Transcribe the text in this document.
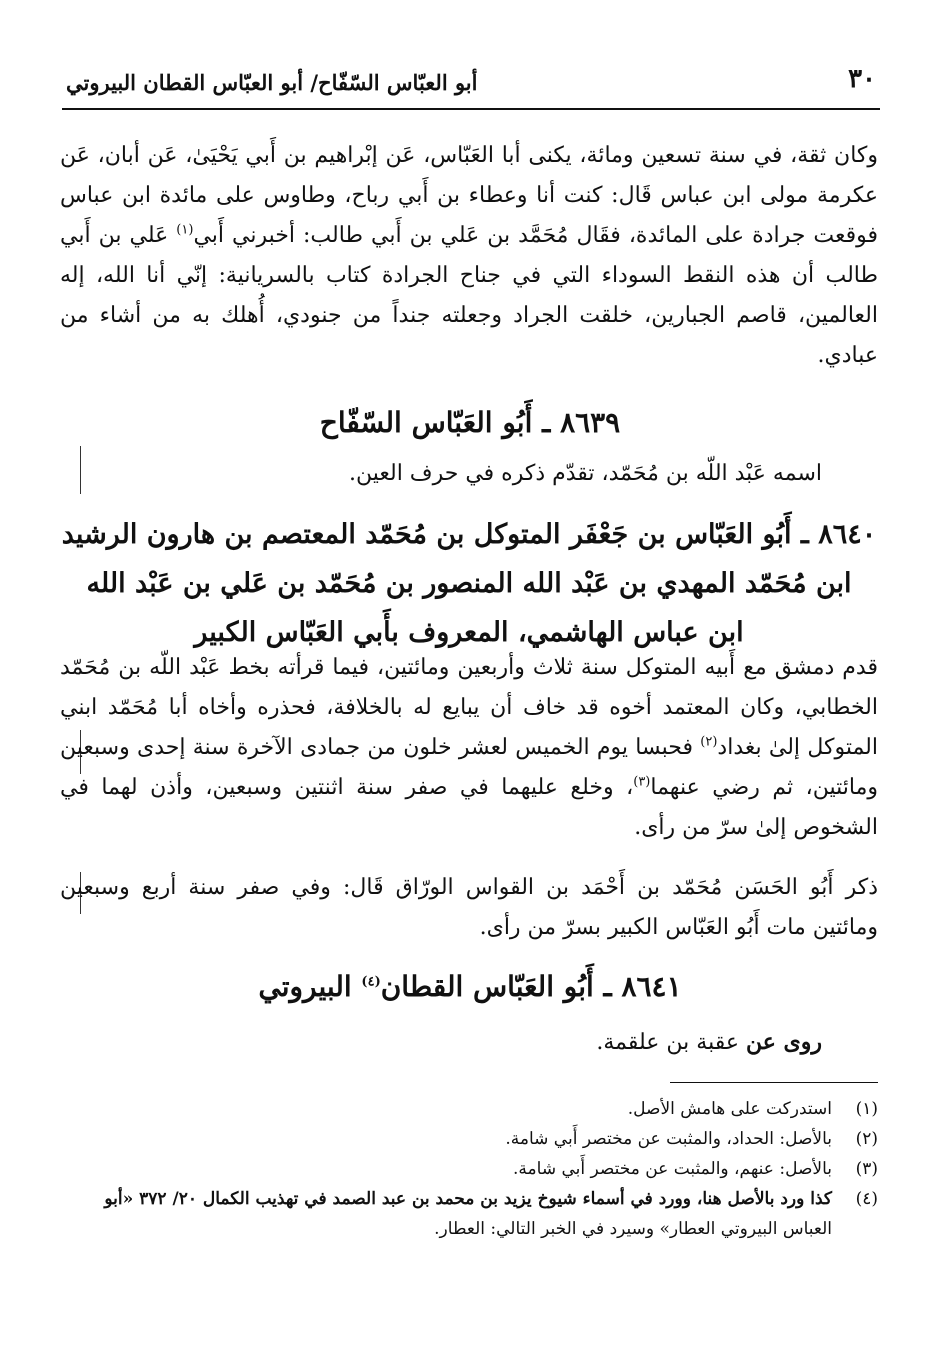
٣٠
أبو العبّاس السّفّاح/ أبو العبّاس القطان البيروتي

وكان ثقة، في سنة تسعين ومائة، يكنى أبا العَبّاس، عَن إبْراهيم بن أَبي يَحْيَىٰ، عَن أبان، عَن عكرمة مولى ابن عباس قَال: كنت أنا وعطاء بن أَبي رباح، وطاوس على مائدة ابن عباس فوقعت جرادة على المائدة، فقَال مُحَمَّد بن عَلي بن أَبي طالب: أخبرني أَبي$^{(١)}$ عَلي بن أَبي طالب أن هذه النقط السوداء التي في جناح الجرادة كتاب بالسريانية: إنّي أنا الله، إله العالمين، قاصم الجبارين، خلقت الجراد وجعلته جنداً من جنودي، أُهلك به من أشاء من عبادي.

٨٦٣٩ ـ أَبُو العَبّاس السّفّاح

اسمه عَبْد اللّه بن مُحَمّد، تقدّم ذكره في حرف العين.

٨٦٤٠ ـ أَبُو العَبّاس بن جَعْفَر المتوكل بن مُحَمّد المعتصم بن هارون الرشيد
ابن مُحَمّد المهدي بن عَبْد الله المنصور بن مُحَمّد بن عَلي بن عَبْد الله
ابن عباس الهاشمي، المعروف بأَبي العَبّاس الكبير

قدم دمشق مع أَبيه المتوكل سنة ثلاث وأربعين ومائتين، فيما قرأته بخط عَبْد اللّه بن مُحَمّد الخطابي، وكان المعتمد أخوه قد خاف أن يبايع له بالخلافة، فحذره وأخاه أبا مُحَمّد ابني المتوكل إلىٰ بغداد$^{(٢)}$ فحبسا يوم الخميس لعشر خلون من جمادى الآخرة سنة إحدى وسبعين ومائتين، ثم رضي عنهما$^{(٣)}$، وخلع عليهما في صفر سنة اثنتين وسبعين، وأذن لهما في الشخوص إلىٰ سرّ من رأى.

ذكر أَبُو الحَسَن مُحَمّد بن أَحْمَد بن القواس الورّاق قَال: وفي صفر سنة أربع وسبعين ومائتين مات أَبُو العَبّاس الكبير بسرّ من رأى.

٨٦٤١ ـ أَبُو العَبّاس القطان$^{(٤)}$ البيروتي

روى عن عقبة بن علقمة.

(١)
استدركت على هامش الأصل.
(٢)
بالأصل: الحداد، والمثبت عن مختصر أَبي شامة.
(٣)
بالأصل: عنهم، والمثبت عن مختصر أَبي شامة.
(٤)
كذا ورد بالأصل هنا، وورد في أسماء شيوخ يزيد بن محمد بن عبد الصمد في تهذيب الكمال ٢٠/ ٣٧٢ «أبو العباس البيروتي العطار» وسيرد في الخبر التالي: العطار.
